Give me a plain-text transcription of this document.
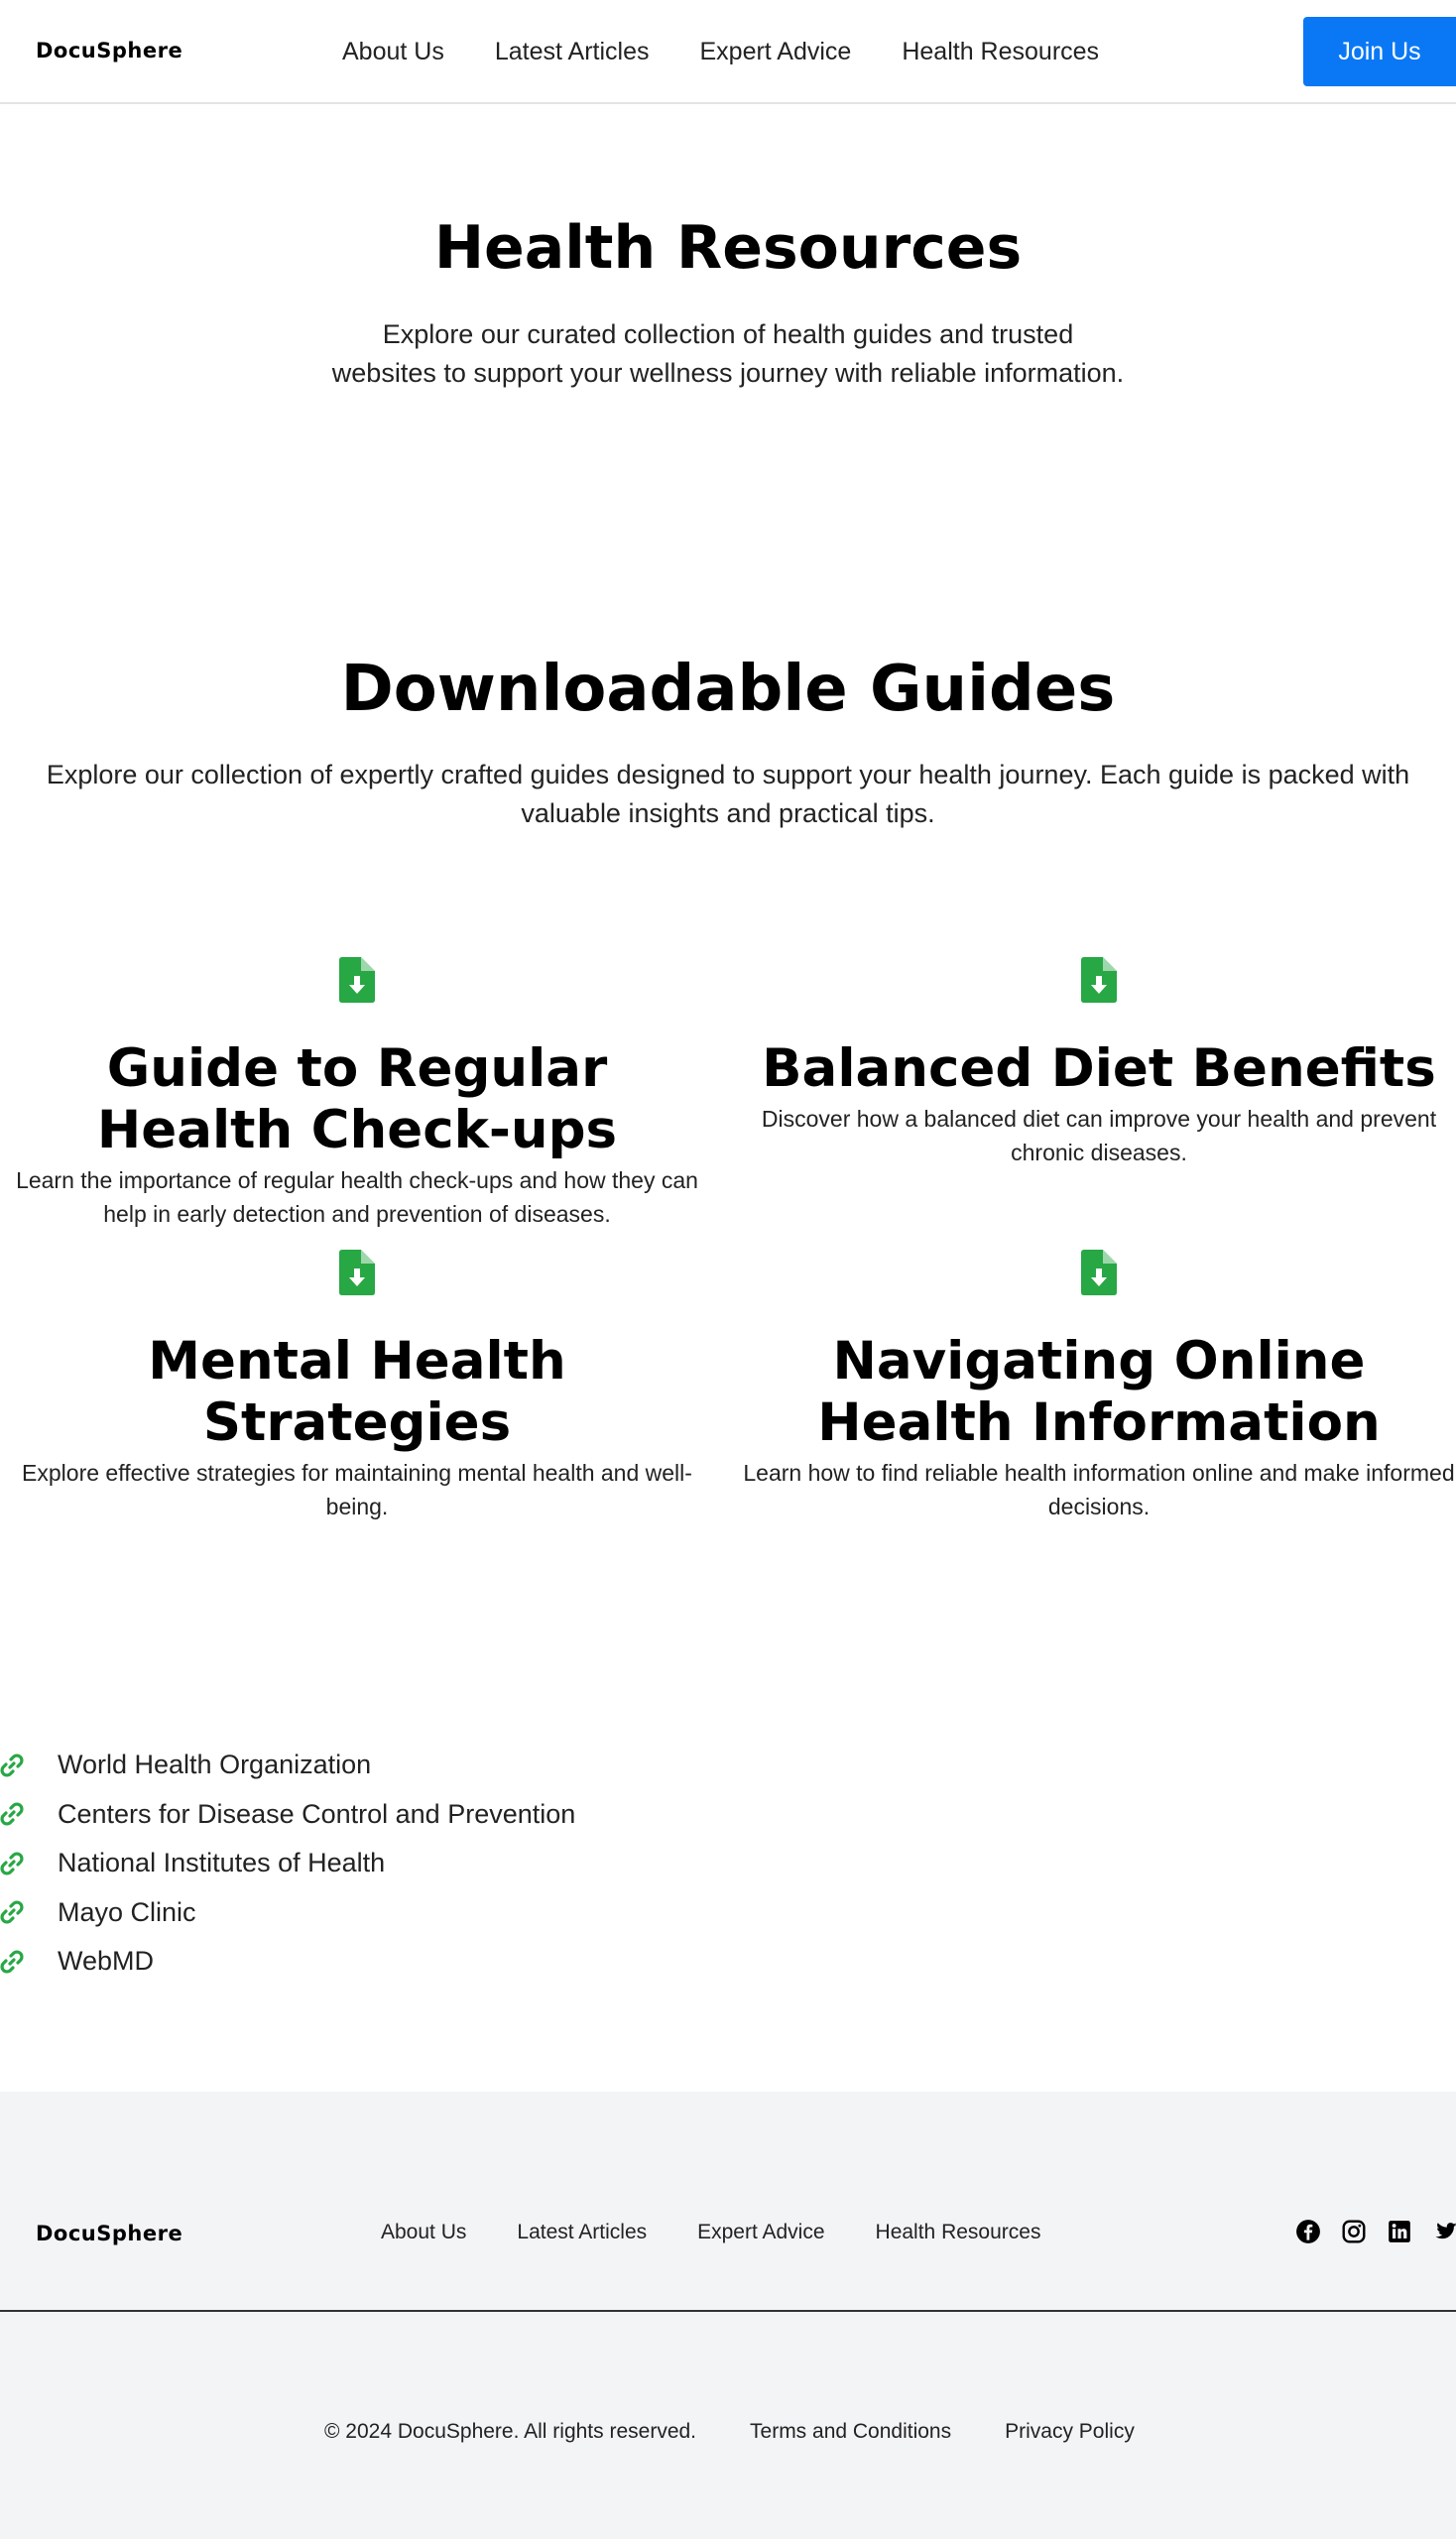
DocuSphere	About Us Latest Articles Expert Advice Health Resources	Join Us
Health Resources

Explore our curated collection of health guides and trusted websites to support your wellness journey with reliable information.

Downloadable Guides

Explore our collection of expertly crafted guides designed to support your health journey. Each guide is packed with valuable insights and practical tips.

Guide to Regular Health Check-ups

Learn the importance of regular health check-ups and how they can help in early detection and prevention of diseases.

Balanced Diet Benefits

Discover how a balanced diet can improve your health and prevent chronic diseases.

Mental Health Strategies

Explore effective strategies for maintaining mental health and well-being.

Navigating Online Health Information

Learn how to find reliable health information online and make informed decisions.

World Health Organization
Centers for Disease Control and Prevention
National Institutes of Health
Mayo Clinic
WebMD
DocuSphere	About Us Latest Articles Expert Advice Health Resources
© 2024 DocuSphere. All rights reserved.	Terms and Conditions	Privacy Policy
